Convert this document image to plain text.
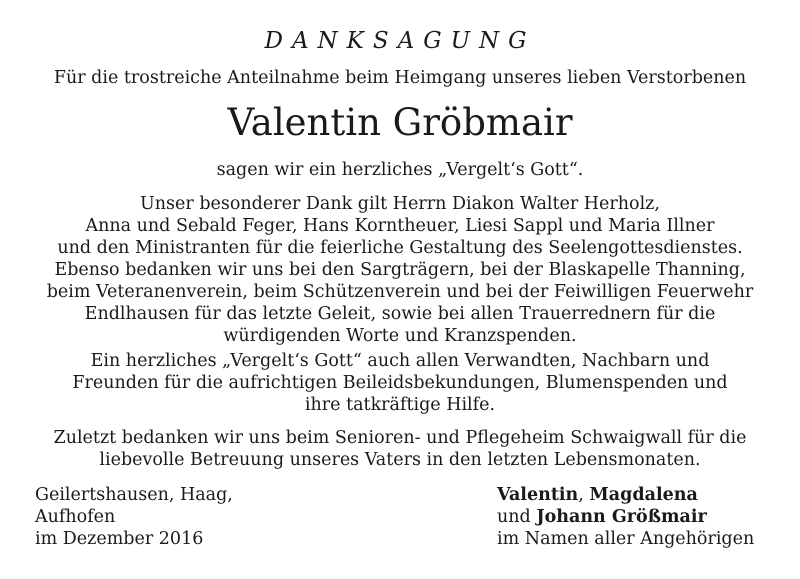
DANKSAGUNG
Für die trostreiche Anteilnahme beim Heimgang unseres lieben Verstorbenen
Valentin Gröbmair
sagen wir ein herzliches „Vergelt‘s Gott“.
Unser besonderer Dank gilt Herrn Diakon Walter Herholz,
Anna und Sebald Feger, Hans Korntheuer, Liesi Sappl und Maria Illner
und den Ministranten für die feierliche Gestaltung des Seelengottesdienstes.
Ebenso bedanken wir uns bei den Sargträgern, bei der Blaskapelle Thanning,
beim Veteranenverein, beim Schützenverein und bei der Feiwilligen Feuerwehr
Endlhausen für das letzte Geleit, sowie bei allen Trauerrednern für die
würdigenden Worte und Kranzspenden.
Ein herzliches „Vergelt‘s Gott“ auch allen Verwandten, Nachbarn und
Freunden für die aufrichtigen Beileidsbekundungen, Blumenspenden und
ihre tatkräftige Hilfe.
Zuletzt bedanken wir uns beim Senioren- und Pflegeheim Schwaigwall für die
liebevolle Betreuung unseres Vaters in den letzten Lebensmonaten.
Geilertshausen, Haag,
Aufhofen
im Dezember 2016
Valentin, Magdalena
und Johann Größmair
im Namen aller Angehörigen
